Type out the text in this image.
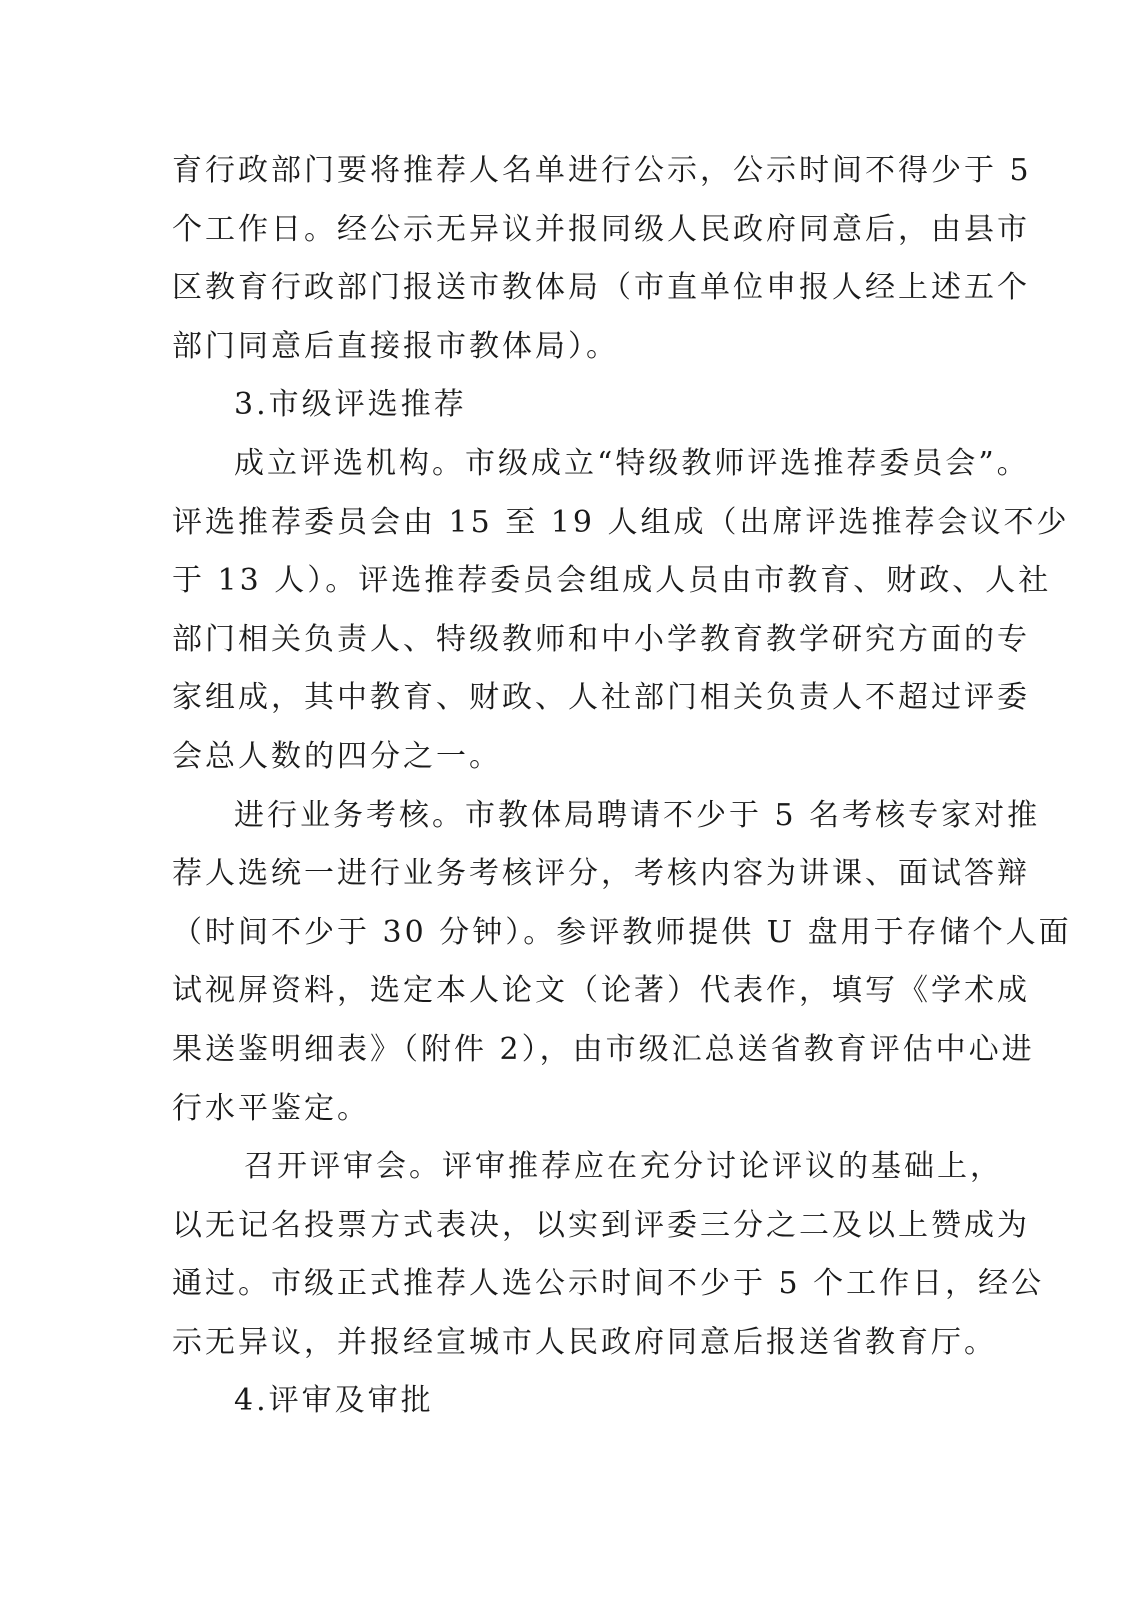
育行政部门要将推荐人名单进行公示，公示时间不得少于 5
个工作日。经公示无异议并报同级人民政府同意后，由县市
区教育行政部门报送市教体局（市直单位申报人经上述五个
部门同意后直接报市教体局）。
3.市级评选推荐
成立评选机构。市级成立“特级教师评选推荐委员会”。
评选推荐委员会由 15 至 19 人组成（出席评选推荐会议不少
于 13 人）。评选推荐委员会组成人员由市教育、财政、人社
部门相关负责人、特级教师和中小学教育教学研究方面的专
家组成，其中教育、财政、人社部门相关负责人不超过评委
会总人数的四分之一。
进行业务考核。市教体局聘请不少于 5 名考核专家对推
荐人选统一进行业务考核评分，考核内容为讲课、面试答辩
（时间不少于 30 分钟）。参评教师提供 U 盘用于存储个人面
试视屏资料，选定本人论文（论著）代表作，填写《学术成
果送鉴明细表》（附件 2），由市级汇总送省教育评估中心进
行水平鉴定。
召开评审会。评审推荐应在充分讨论评议的基础上，
以无记名投票方式表决，以实到评委三分之二及以上赞成为
通过。市级正式推荐人选公示时间不少于 5 个工作日，经公
示无异议，并报经宣城市人民政府同意后报送省教育厅。
4.评审及审批
